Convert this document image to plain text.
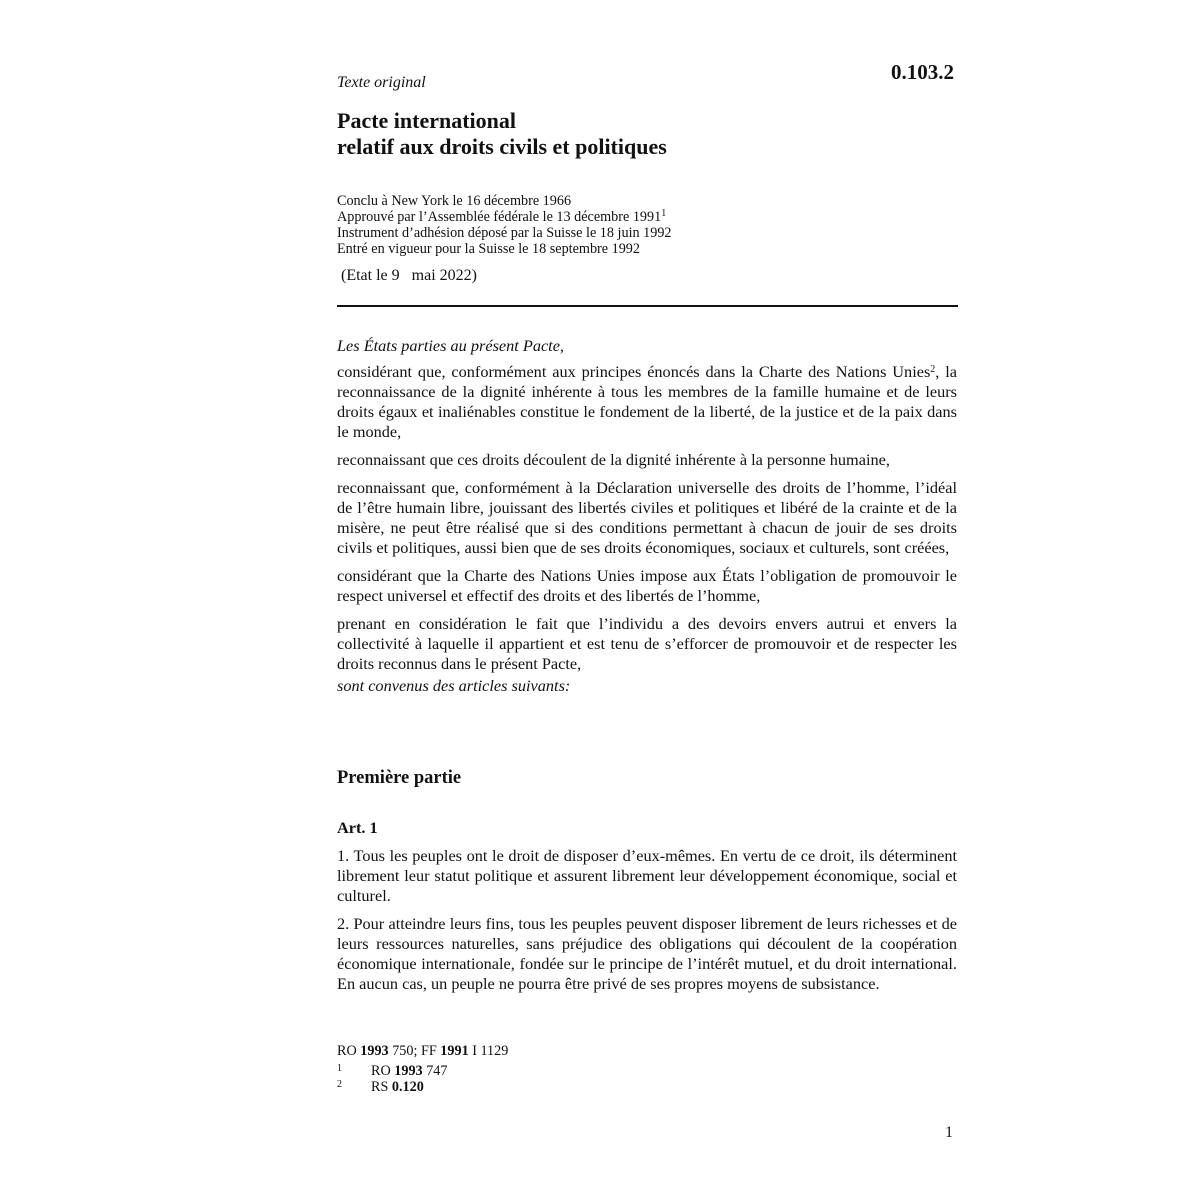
0.103.2
Texte original
Pacte international
relatif aux droits civils et politiques
Conclu à New York le 16 décembre 1966
Approuvé par l’Assemblée fédérale le 13 décembre 1991$^1$
Instrument d’adhésion déposé par la Suisse le 18 juin 1992
Entré en vigueur pour la Suisse le 18 septembre 1992
(Etat le 9   mai 2022)

Les États parties au présent Pacte,

considérant que, conformément aux principes énoncés dans la Charte des Nations Unies$^2$, la reconnaissance de la dignité inhérente à tous les membres de la famille humaine et de leurs droits égaux et inaliénables constitue le fondement de la liberté, de la justice et de la paix dans le monde,

reconnaissant que ces droits découlent de la dignité inhérente à la personne humaine,

reconnaissant que, conformément à la Déclaration universelle des droits de l’homme, l’idéal de l’être humain libre, jouissant des libertés civiles et politiques et libéré de la crainte et de la misère, ne peut être réalisé que si des conditions permettant à chacun de jouir de ses droits civils et politiques, aussi bien que de ses droits économiques, sociaux et culturels, sont créées,

considérant que la Charte des Nations Unies impose aux États l’obligation de promouvoir le respect universel et effectif des droits et des libertés de l’homme,

prenant en considération le fait que l’individu a des devoirs envers autrui et envers la collectivité à laquelle il appartient et est tenu de s’efforcer de promouvoir et de respecter les droits reconnus dans le présent Pacte,

sont convenus des articles suivants:

Première partie
Art. 1

1. Tous les peuples ont le droit de disposer d’eux-mêmes. En vertu de ce droit, ils déterminent librement leur statut politique et assurent librement leur développement économique, social et culturel.

2. Pour atteindre leurs fins, tous les peuples peuvent disposer librement de leurs richesses et de leurs ressources naturelles, sans préjudice des obligations qui découlent de la coopération économique internationale, fondée sur le principe de l’intérêt mutuel, et du droit international. En aucun cas, un peuple ne pourra être privé de ses propres moyens de subsistance.

RO 1993 750; FF 1991 I 1129
1	RO 1993 747
2	RS 0.120
1
